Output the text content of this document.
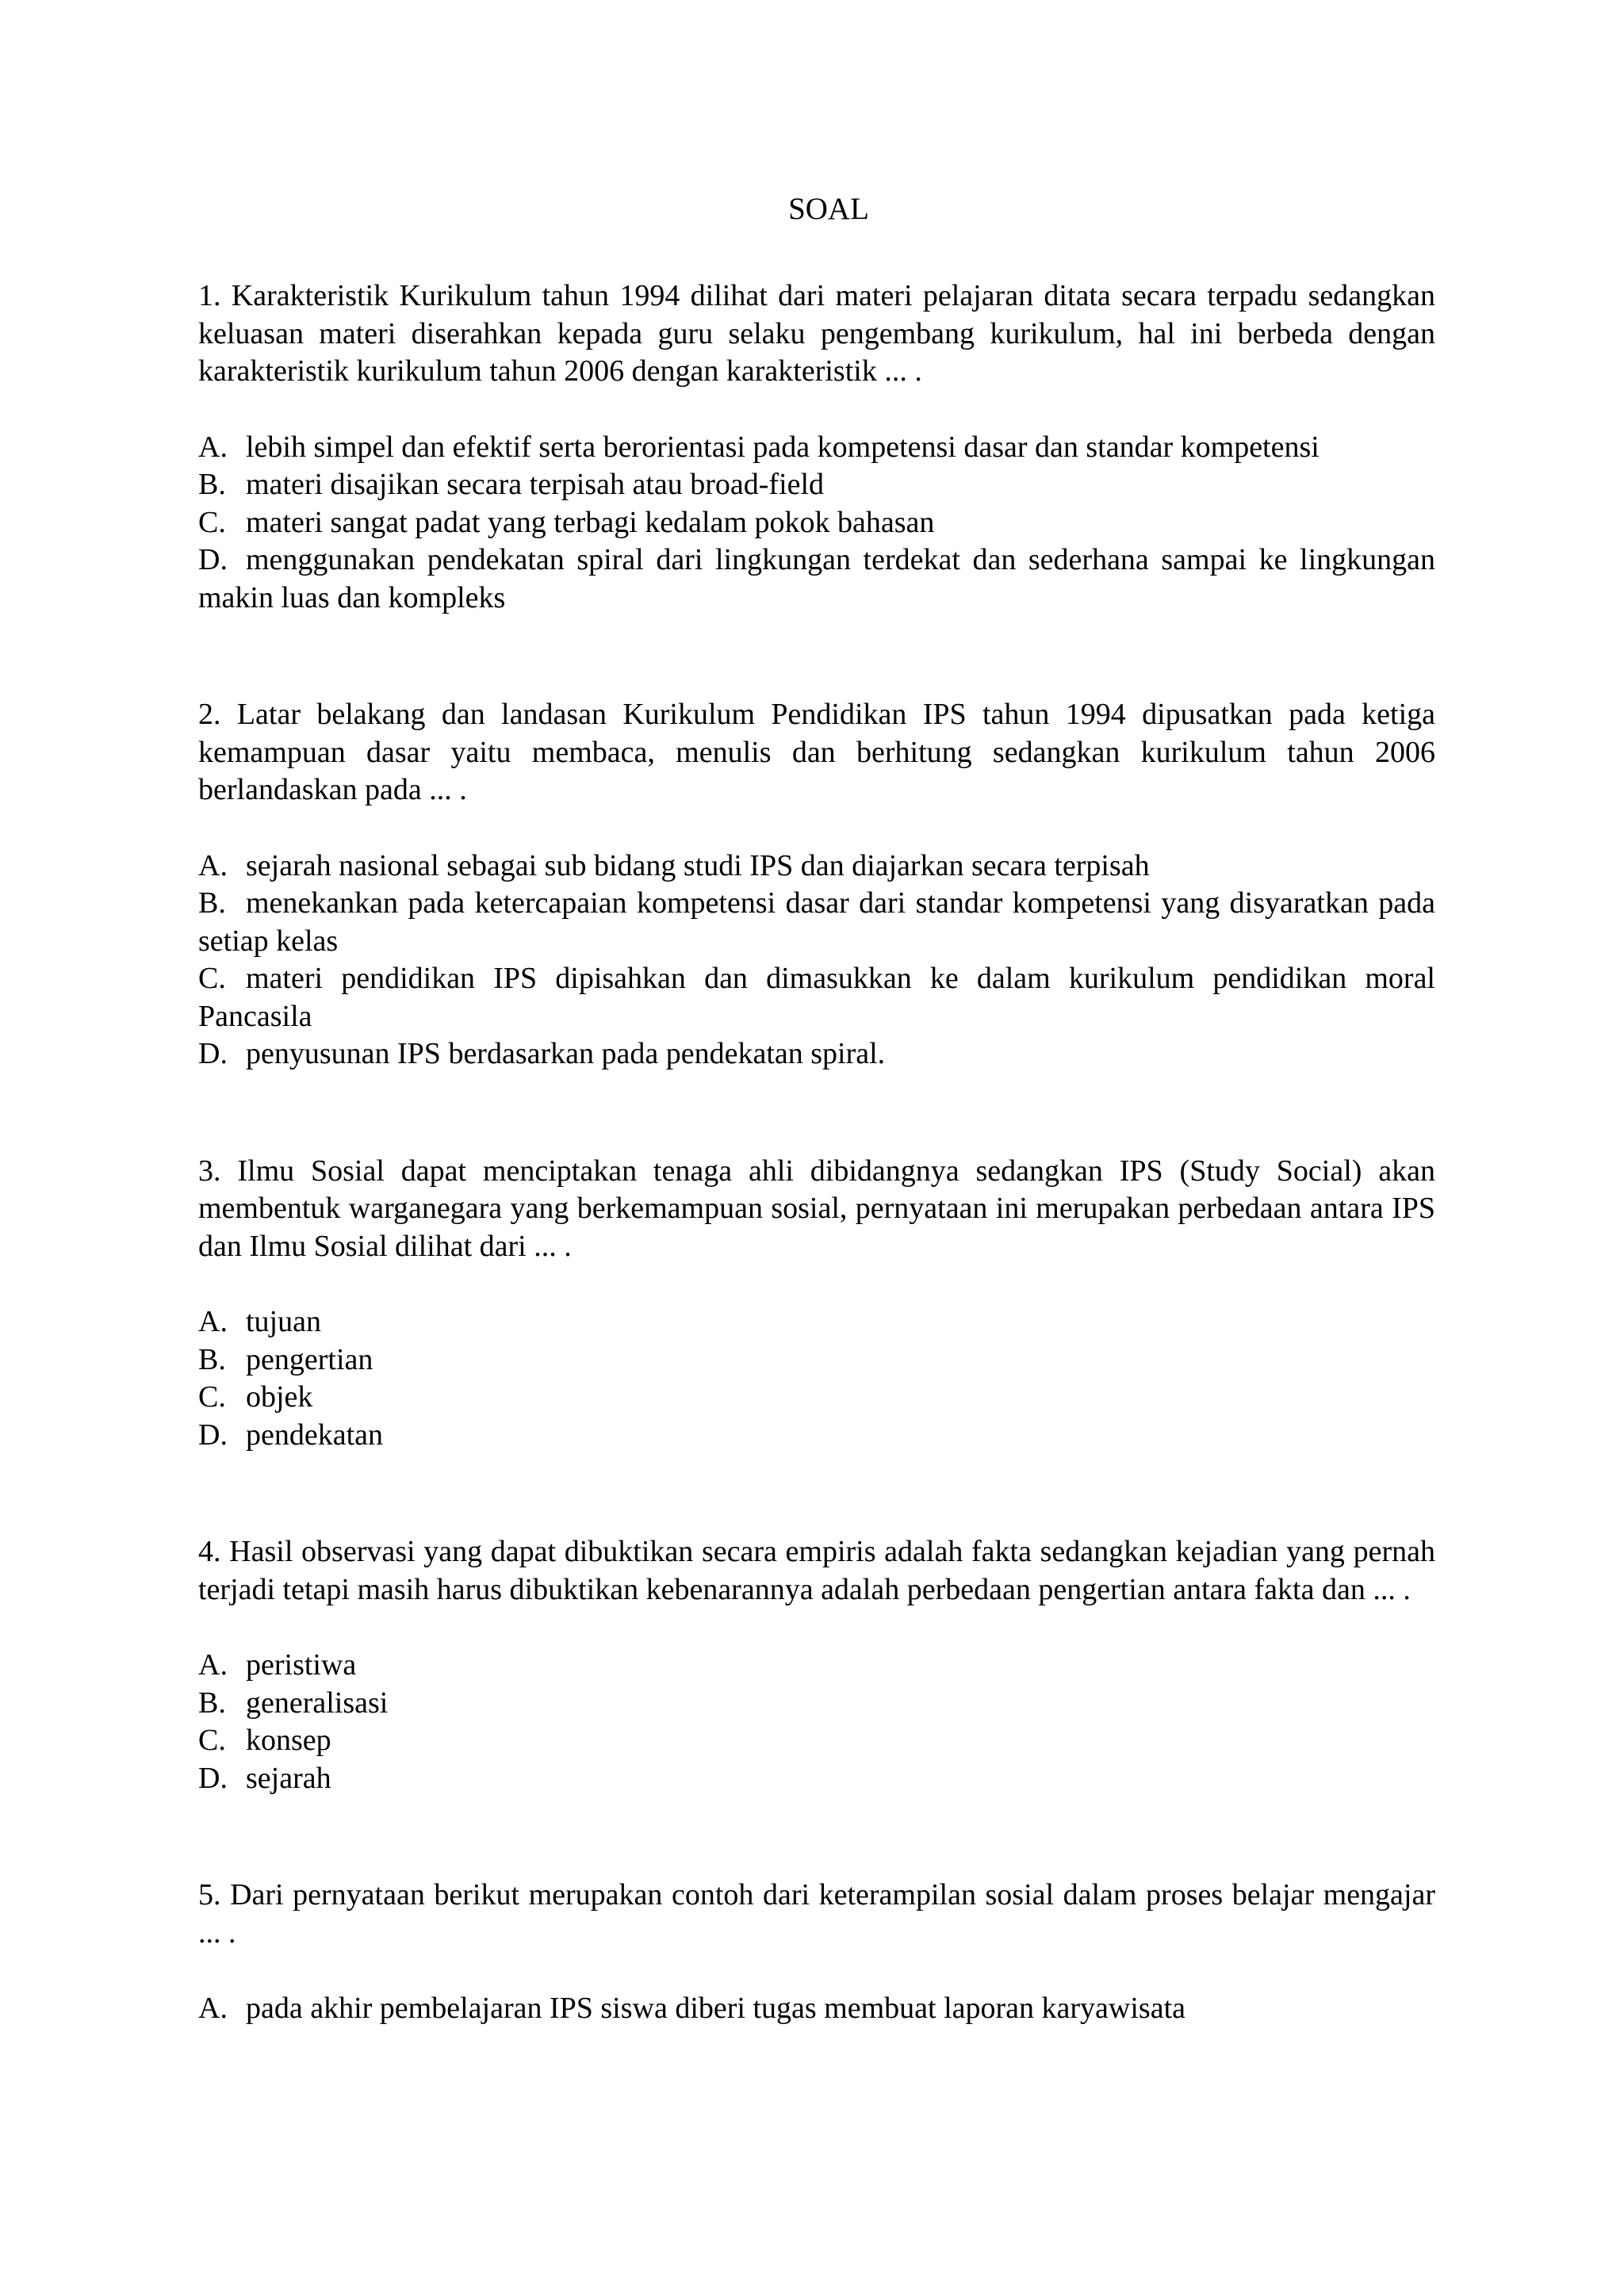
SOAL

1. Karakteristik Kurikulum tahun 1994 dilihat dari materi pelajaran ditata secara terpadu sedangkan keluasan materi diserahkan kepada guru selaku pengembang kurikulum, hal ini berbeda dengan karakteristik kurikulum tahun 2006 dengan karakteristik ... .

A. lebih simpel dan efektif serta berorientasi pada kompetensi dasar dan standar kompetensi

B. materi disajikan secara terpisah atau broad-field

C. materi sangat padat yang terbagi kedalam pokok bahasan

D. menggunakan pendekatan spiral dari lingkungan terdekat dan sederhana sampai ke lingkungan makin luas dan kompleks

2. Latar belakang dan landasan Kurikulum Pendidikan IPS tahun 1994 dipusatkan pada ketiga kemampuan dasar yaitu membaca, menulis dan berhitung sedangkan kurikulum tahun 2006 berlandaskan pada ... .

A. sejarah nasional sebagai sub bidang studi IPS dan diajarkan secara terpisah

B. menekankan pada ketercapaian kompetensi dasar dari standar kompetensi yang disyaratkan pada setiap kelas

C. materi pendidikan IPS dipisahkan dan dimasukkan ke dalam kurikulum pendidikan moral Pancasila

D. penyusunan IPS berdasarkan pada pendekatan spiral.

3. Ilmu Sosial dapat menciptakan tenaga ahli dibidangnya sedangkan IPS (Study Social) akan membentuk warganegara yang berkemampuan sosial, pernyataan ini merupakan perbedaan antara IPS dan Ilmu Sosial dilihat dari ... .

A. tujuan

B. pengertian

C. objek

D. pendekatan

4. Hasil observasi yang dapat dibuktikan secara empiris adalah fakta sedangkan kejadian yang pernah terjadi tetapi masih harus dibuktikan kebenarannya adalah perbedaan pengertian antara fakta dan ... .

A. peristiwa

B. generalisasi

C. konsep

D. sejarah

5. Dari pernyataan berikut merupakan contoh dari keterampilan sosial dalam proses belajar mengajar ... .

A. pada akhir pembelajaran IPS siswa diberi tugas membuat laporan karyawisata
